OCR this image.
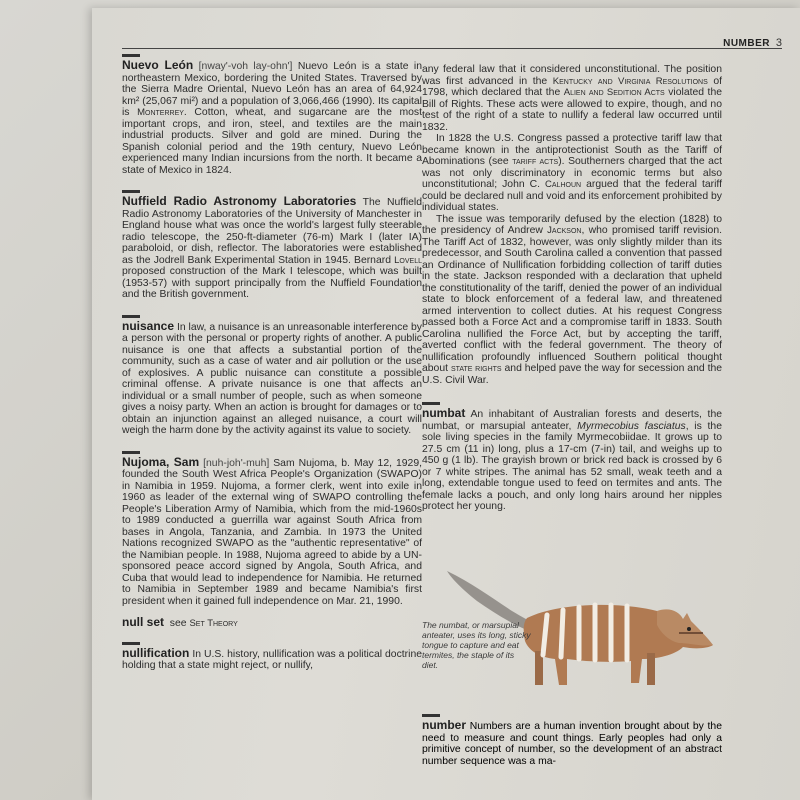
NUMBER 3

Nuevo León [nway'-voh lay-ohn'] Nuevo León is a state in northeastern Mexico, bordering the United States. Traversed by the Sierra Madre Oriental, Nuevo León has an area of 64,924 km² (25,067 mi²) and a population of 3,066,466 (1990). Its capital is Monterrey. Cotton, wheat, and sugarcane are the most important crops, and iron, steel, and textiles are the main industrial products. Silver and gold are mined. During the Spanish colonial period and the 19th century, Nuevo León experienced many Indian incursions from the north. It became a state of Mexico in 1824.

Nuffield Radio Astronomy Laboratories The Nuffield Radio Astronomy Laboratories of the University of Manchester in England house what was once the world's largest fully steerable radio telescope, the 250-ft-diameter (76-m) Mark I (later IA) paraboloid, or dish, reflector. The laboratories were established as the Jodrell Bank Experimental Station in 1945. Bernard Lovell proposed construction of the Mark I telescope, which was built (1953-57) with support principally from the Nuffield Foundation and the British government.

nuisance In law, a nuisance is an unreasonable interference by a person with the personal or property rights of another. A public nuisance is one that affects a substantial portion of the community, such as a case of water and air pollution or the use of explosives. A public nuisance can constitute a possible criminal offense. A private nuisance is one that affects an individual or a small number of people, such as when someone gives a noisy party. When an action is brought for damages or to obtain an injunction against an alleged nuisance, a court will weigh the harm done by the activity against its value to society.

Nujoma, Sam [nuh-joh'-muh] Sam Nujoma, b. May 12, 1929, founded the South West Africa People's Organization (SWAPO) in Namibia in 1959. Nujoma, a former clerk, went into exile in 1960 as leader of the external wing of SWAPO controlling the People's Liberation Army of Namibia, which from the mid-1960s to 1989 conducted a guerrilla war against South Africa from bases in Angola, Tanzania, and Zambia. In 1973 the United Nations recognized SWAPO as the "authentic representative" of the Namibian people. In 1988, Nujoma agreed to abide by a UN-sponsored peace accord signed by Angola, South Africa, and Cuba that would lead to independence for Namibia. He returned to Namibia in September 1989 and became Namibia's first president when it gained full independence on Mar. 21, 1990.

null set see Set Theory

nullification In U.S. history, nullification was a political doctrine holding that a state might reject, or nullify,

any federal law that it considered unconstitutional. The position was first advanced in the Kentucky and Virginia Resolutions of 1798, which declared that the Alien and Sedition Acts violated the Bill of Rights. These acts were allowed to expire, though, and no test of the right of a state to nullify a federal law occurred until 1832.

In 1828 the U.S. Congress passed a protective tariff law that became known in the antiprotectionist South as the Tariff of Abominations (see tariff acts). Southerners charged that the act was not only discriminatory in economic terms but also unconstitutional; John C. Calhoun argued that the federal tariff could be declared null and void and its enforcement prohibited by individual states.

The issue was temporarily defused by the election (1828) to the presidency of Andrew Jackson, who promised tariff revision. The Tariff Act of 1832, however, was only slightly milder than its predecessor, and South Carolina called a convention that passed an Ordinance of Nullification forbidding collection of tariff duties in the state. Jackson responded with a declaration that upheld the constitutionality of the tariff, denied the power of an individual state to block enforcement of a federal law, and threatened armed intervention to collect duties. At his request Congress passed both a Force Act and a compromise tariff in 1833. South Carolina nullified the Force Act, but by accepting the tariff, averted conflict with the federal government. The theory of nullification profoundly influenced Southern political thought about state rights and helped pave the way for secession and the U.S. Civil War.

numbat An inhabitant of Australian forests and deserts, the numbat, or marsupial anteater, Myrmecobius fasciatus, is the sole living species in the family Myrmecobiidae. It grows up to 27.5 cm (11 in) long, plus a 17-cm (7-in) tail, and weighs up to 450 g (1 lb). The grayish brown or brick red back is crossed by 6 or 7 white stripes. The animal has 52 small, weak teeth and a long, extendable tongue used to feed on termites and ants. The female lacks a pouch, and only long hairs around her nipples protect her young.

The numbat, or marsupial anteater, uses its long, sticky tongue to capture and eat termites, the staple of its diet.

number Numbers are a human invention brought about by the need to measure and count things. Early peoples had only a primitive concept of number, so the development of an abstract number sequence was a ma-
